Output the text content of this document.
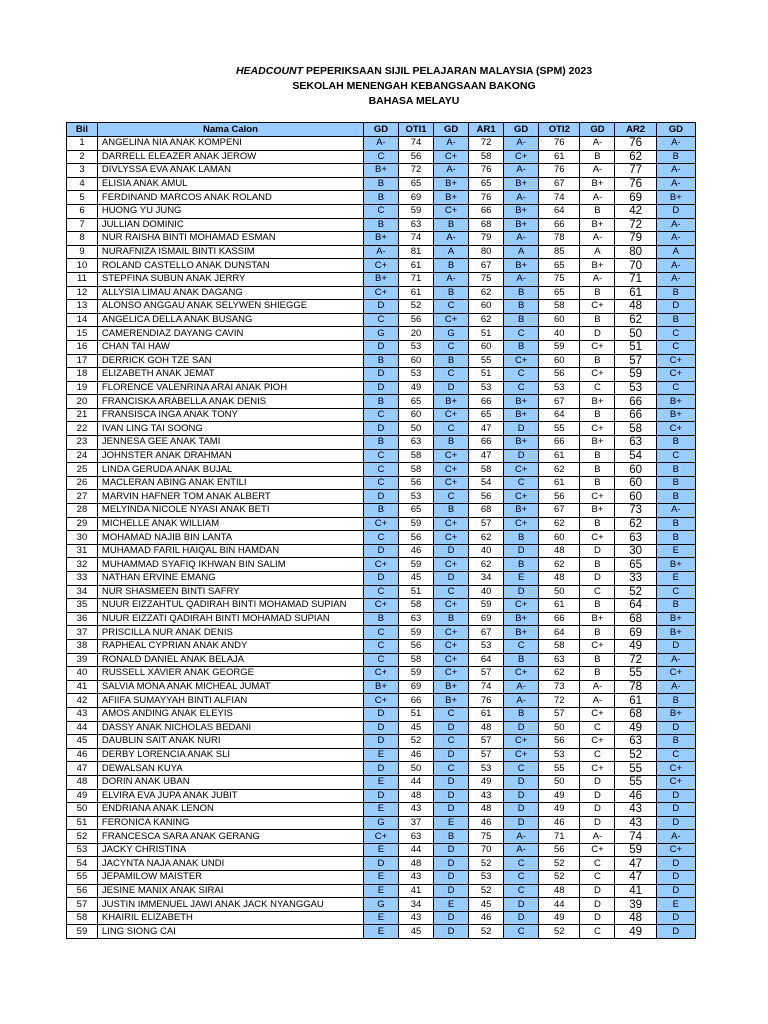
HEADCOUNT PEPERIKSAAN SIJIL PELAJARAN MALAYSIA (SPM) 2023
SEKOLAH MENENGAH KEBANGSAAN BAKONG
BAHASA MELAYU
Bil	Nama Calon	GD	OTI1	GD	AR1	GD	OTI2	GD	AR2	GD
1	ANGELINA NIA ANAK KOMPENI	A-	74	A-	72	A-	76	A-	76	A-
2	DARRELL ELEAZER ANAK JEROW	C	56	C+	58	C+	61	B	62	B
3	DIVLYSSA EVA ANAK LAMAN	B+	72	A-	76	A-	76	A-	77	A-
4	ELISIA ANAK AMUL	B	65	B+	65	B+	67	B+	76	A-
5	FERDINAND MARCOS ANAK ROLAND	B	69	B+	76	A-	74	A-	69	B+
6	HUONG YU JUNG	C	59	C+	66	B+	64	B	42	D
7	JULLIAN DOMINIC	B	63	B	68	B+	66	B+	72	A-
8	NUR RAISHA BINTI MOHAMAD ESMAN	B+	74	A-	79	A-	78	A-	79	A-
9	NURAFNIZA ISMAIL BINTI KASSIM	A-	81	A	80	A	85	A	80	A
10	ROLAND CASTELLO ANAK DUNSTAN	C+	61	B	67	B+	65	B+	70	A-
11	STEPFINA SUBUN ANAK JERRY	B+	71	A-	75	A-	75	A-	71	A-
12	ALLYSIA LIMAU ANAK DAGANG	C+	61	B	62	B	65	B	61	B
13	ALONSO ANGGAU ANAK SELYWEN SHIEGGE	D	52	C	60	B	58	C+	48	D
14	ANGELICA DELLA ANAK BUSANG	C	56	C+	62	B	60	B	62	B
15	CAMERENDIAZ DAYANG CAVIN	G	20	G	51	C	40	D	50	C
16	CHAN TAI HAW	D	53	C	60	B	59	C+	51	C
17	DERRICK GOH TZE SAN	B	60	B	55	C+	60	B	57	C+
18	ELIZABETH ANAK JEMAT	D	53	C	51	C	56	C+	59	C+
19	FLORENCE VALENRINA ARAI ANAK PIOH	D	49	D	53	C	53	C	53	C
20	FRANCISKA ARABELLA ANAK DENIS	B	65	B+	66	B+	67	B+	66	B+
21	FRANSISCA INGA ANAK TONY	C	60	C+	65	B+	64	B	66	B+
22	IVAN LING TAI SOONG	D	50	C	47	D	55	C+	58	C+
23	JENNESA GEE ANAK TAMI	B	63	B	66	B+	66	B+	63	B
24	JOHNSTER ANAK DRAHMAN	C	58	C+	47	D	61	B	54	C
25	LINDA GERUDA ANAK BUJAL	C	58	C+	58	C+	62	B	60	B
26	MACLERAN ABING ANAK ENTILI	C	56	C+	54	C	61	B	60	B
27	MARVIN HAFNER TOM ANAK ALBERT	D	53	C	56	C+	56	C+	60	B
28	MELYINDA NICOLE NYASI ANAK BETI	B	65	B	68	B+	67	B+	73	A-
29	MICHELLE ANAK WILLIAM	C+	59	C+	57	C+	62	B	62	B
30	MOHAMAD NAJIB BIN LANTA	C	56	C+	62	B	60	C+	63	B
31	MUHAMAD FARIL HAIQAL BIN HAMDAN	D	46	D	40	D	48	D	30	E
32	MUHAMMAD SYAFIQ IKHWAN BIN SALIM	C+	59	C+	62	B	62	B	65	B+
33	NATHAN ERVINE EMANG	D	45	D	34	E	48	D	33	E
34	NUR SHASMEEN BINTI SAFRY	C	51	C	40	D	50	C	52	C
35	NUUR EIZZAHTUL QADIRAH BINTI MOHAMAD SUPIAN	C+	58	C+	59	C+	61	B	64	B
36	NUUR EIZZATI QADIRAH BINTI MOHAMAD SUPIAN	B	63	B	69	B+	66	B+	68	B+
37	PRISCILLA NUR ANAK DENIS	C	59	C+	67	B+	64	B	69	B+
38	RAPHEAL CYPRIAN ANAK ANDY	C	56	C+	53	C	58	C+	49	D
39	RONALD DANIEL ANAK BELAJA	C	58	C+	64	B	63	B	72	A-
40	RUSSELL XAVIER ANAK GEORGE	C+	59	C+	57	C+	62	B	55	C+
41	SALVIA MONA ANAK MICHEAL JUMAT	B+	69	B+	74	A-	73	A-	78	A-
42	AFIIFA SUMAYYAH BINTI ALFIAN	C+	66	B+	76	A-	72	A-	61	B
43	AMOS ANDING ANAK ELEYIS	D	51	C	61	B	57	C+	68	B+
44	DASSY ANAK NICHOLAS BEDANI	D	45	D	48	D	50	C	49	D
45	DAUBLIN SAIT ANAK NURI	D	52	C	57	C+	56	C+	63	B
46	DERBY LORENCIA ANAK SLI	E	46	D	57	C+	53	C	52	C
47	DEWALSAN KUYA	D	50	C	53	C	55	C+	55	C+
48	DORIN ANAK UBAN	E	44	D	49	D	50	D	55	C+
49	ELVIRA EVA JUPA ANAK JUBIT	D	48	D	43	D	49	D	46	D
50	ENDRIANA ANAK LENON	E	43	D	48	D	49	D	43	D
51	FERONICA KANING	G	37	E	46	D	46	D	43	D
52	FRANCESCA SARA ANAK GERANG	C+	63	B	75	A-	71	A-	74	A-
53	JACKY CHRISTINA	E	44	D	70	A-	56	C+	59	C+
54	JACYNTA NAJA ANAK UNDI	D	48	D	52	C	52	C	47	D
55	JEPAMILOW MAISTER	E	43	D	53	C	52	C	47	D
56	JESINE MANIX ANAK SIRAI	E	41	D	52	C	48	D	41	D
57	JUSTIN IMMENUEL JAWI ANAK JACK NYANGGAU	G	34	E	45	D	44	D	39	E
58	KHAIRIL ELIZABETH	E	43	D	46	D	49	D	48	D
59	LING SIONG CAI	E	45	D	52	C	52	C	49	D
